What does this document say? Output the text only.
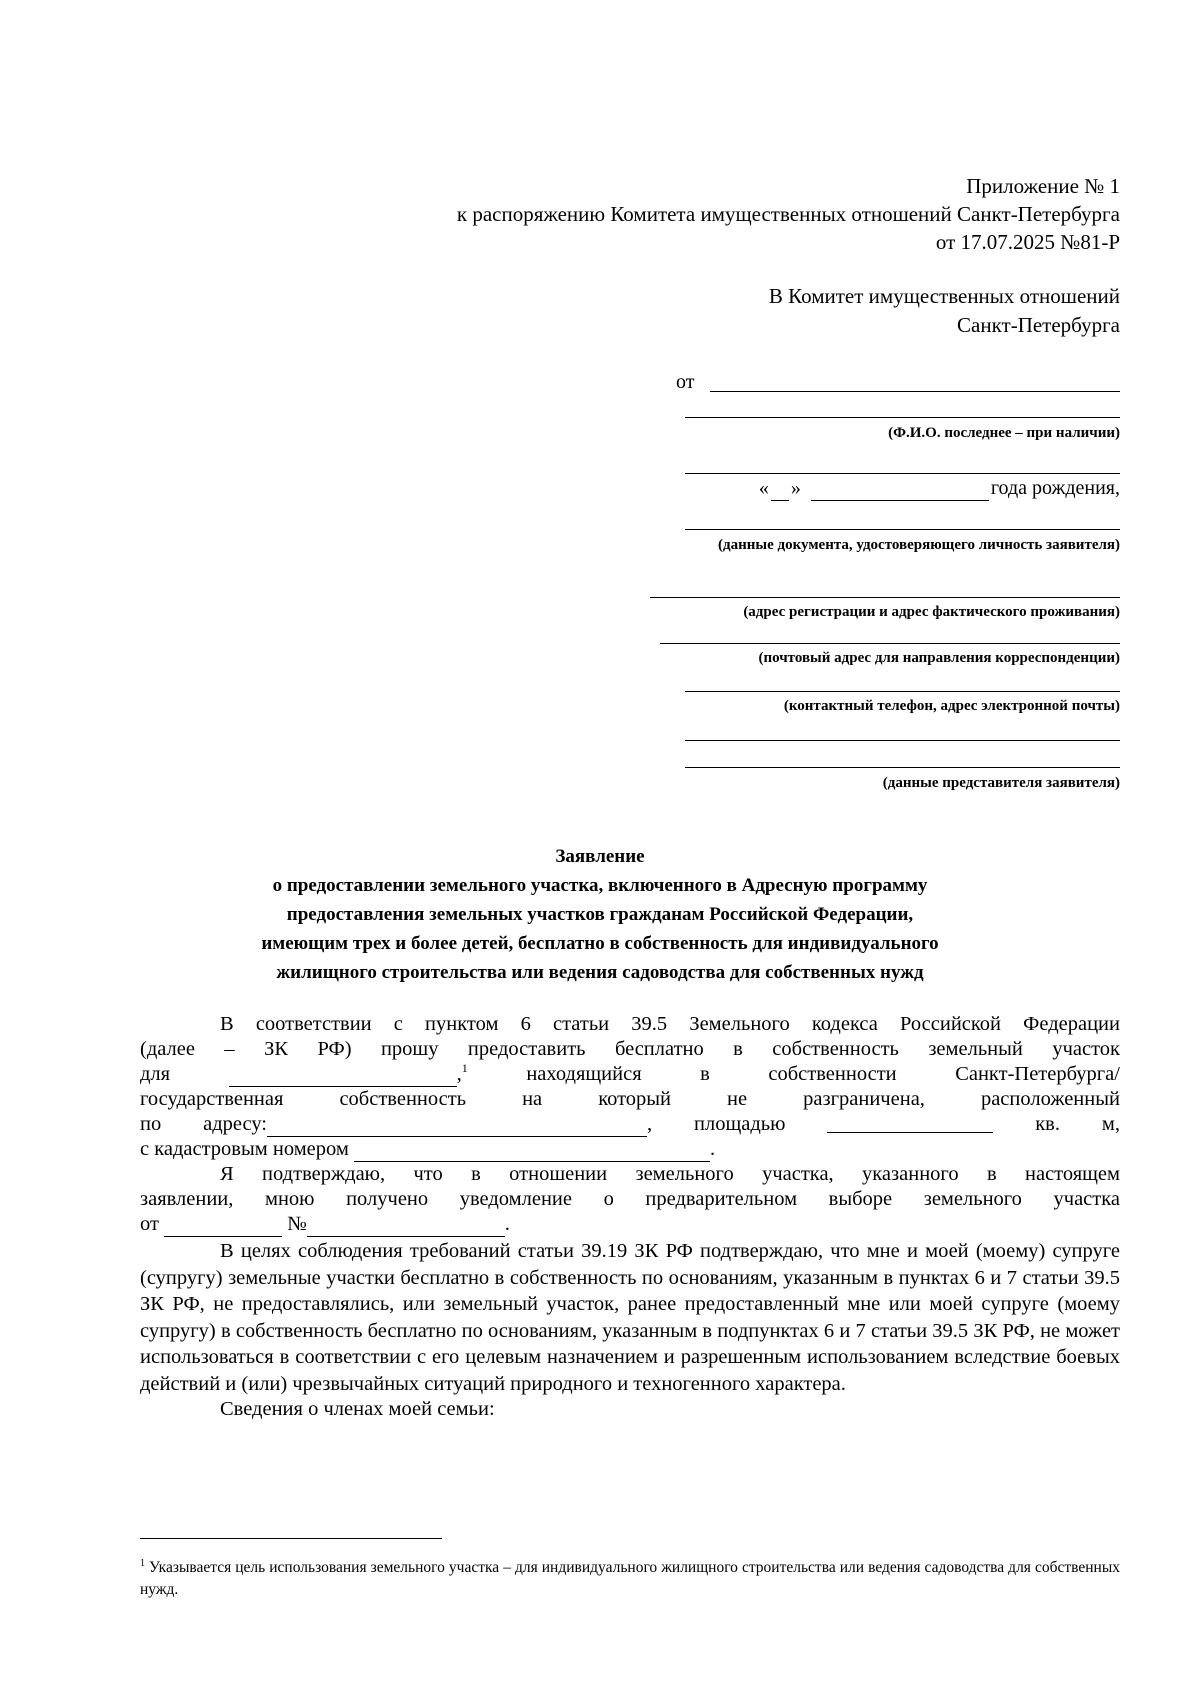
Приложение № 1
к распоряжению Комитета имущественных отношений Санкт-Петербурга
от 17.07.2025 №81-Р
В Комитет имущественных отношений
Санкт-Петербурга
от
(Ф.И.О. последнее – при наличии)
« »	года рождения,
(данные документа, удостоверяющего личность заявителя)
(адрес регистрации и адрес фактического проживания)
(почтовый адрес для направления корреспонденции)
(контактный телефон, адрес электронной почты)
(данные представителя заявителя)
Заявление
о предоставлении земельного участка, включенного в Адресную программу
предоставления земельных участков гражданам Российской Федерации,
имеющим трех и более детей, бесплатно в собственность для индивидуального
жилищного строительства или ведения садоводства для собственных нужд
В соответствии с пунктом 6 статьи 39.5 Земельного кодекса Российской Федерации
(далее – ЗК РФ) прошу предоставить бесплатно в собственность земельный участок
для	,$^1$	находящийся	в	собственности	Санкт-Петербурга/
государственная собственность на который не разграничена, расположенный
по адресу:	, площадью	кв. м,
с кадастровым номером	.
Я подтверждаю, что в отношении земельного участка, указанного в настоящем
заявлении, мною получено уведомление о предварительном выборе земельного участка
от	№	.
В целях соблюдения требований статьи 39.19 ЗК РФ подтверждаю, что мне и моей (моему) супруге (супругу) земельные участки бесплатно в собственность по основаниям, указанным в пунктах 6 и 7 статьи 39.5 ЗК РФ, не предоставлялись, или земельный участок, ранее предоставленный мне или моей супруге (моему супругу) в собственность бесплатно по основаниям, указанным в подпунктах 6 и 7 статьи 39.5 ЗК РФ, не может использоваться в соответствии с его целевым назначением и разрешенным использованием вследствие боевых действий и (или) чрезвычайных ситуаций природного и техногенного характера.
Сведения о членах моей семьи:
$^1$ Указывается цель использования земельного участка – для индивидуального жилищного строительства или ведения садоводства для собственных нужд.
